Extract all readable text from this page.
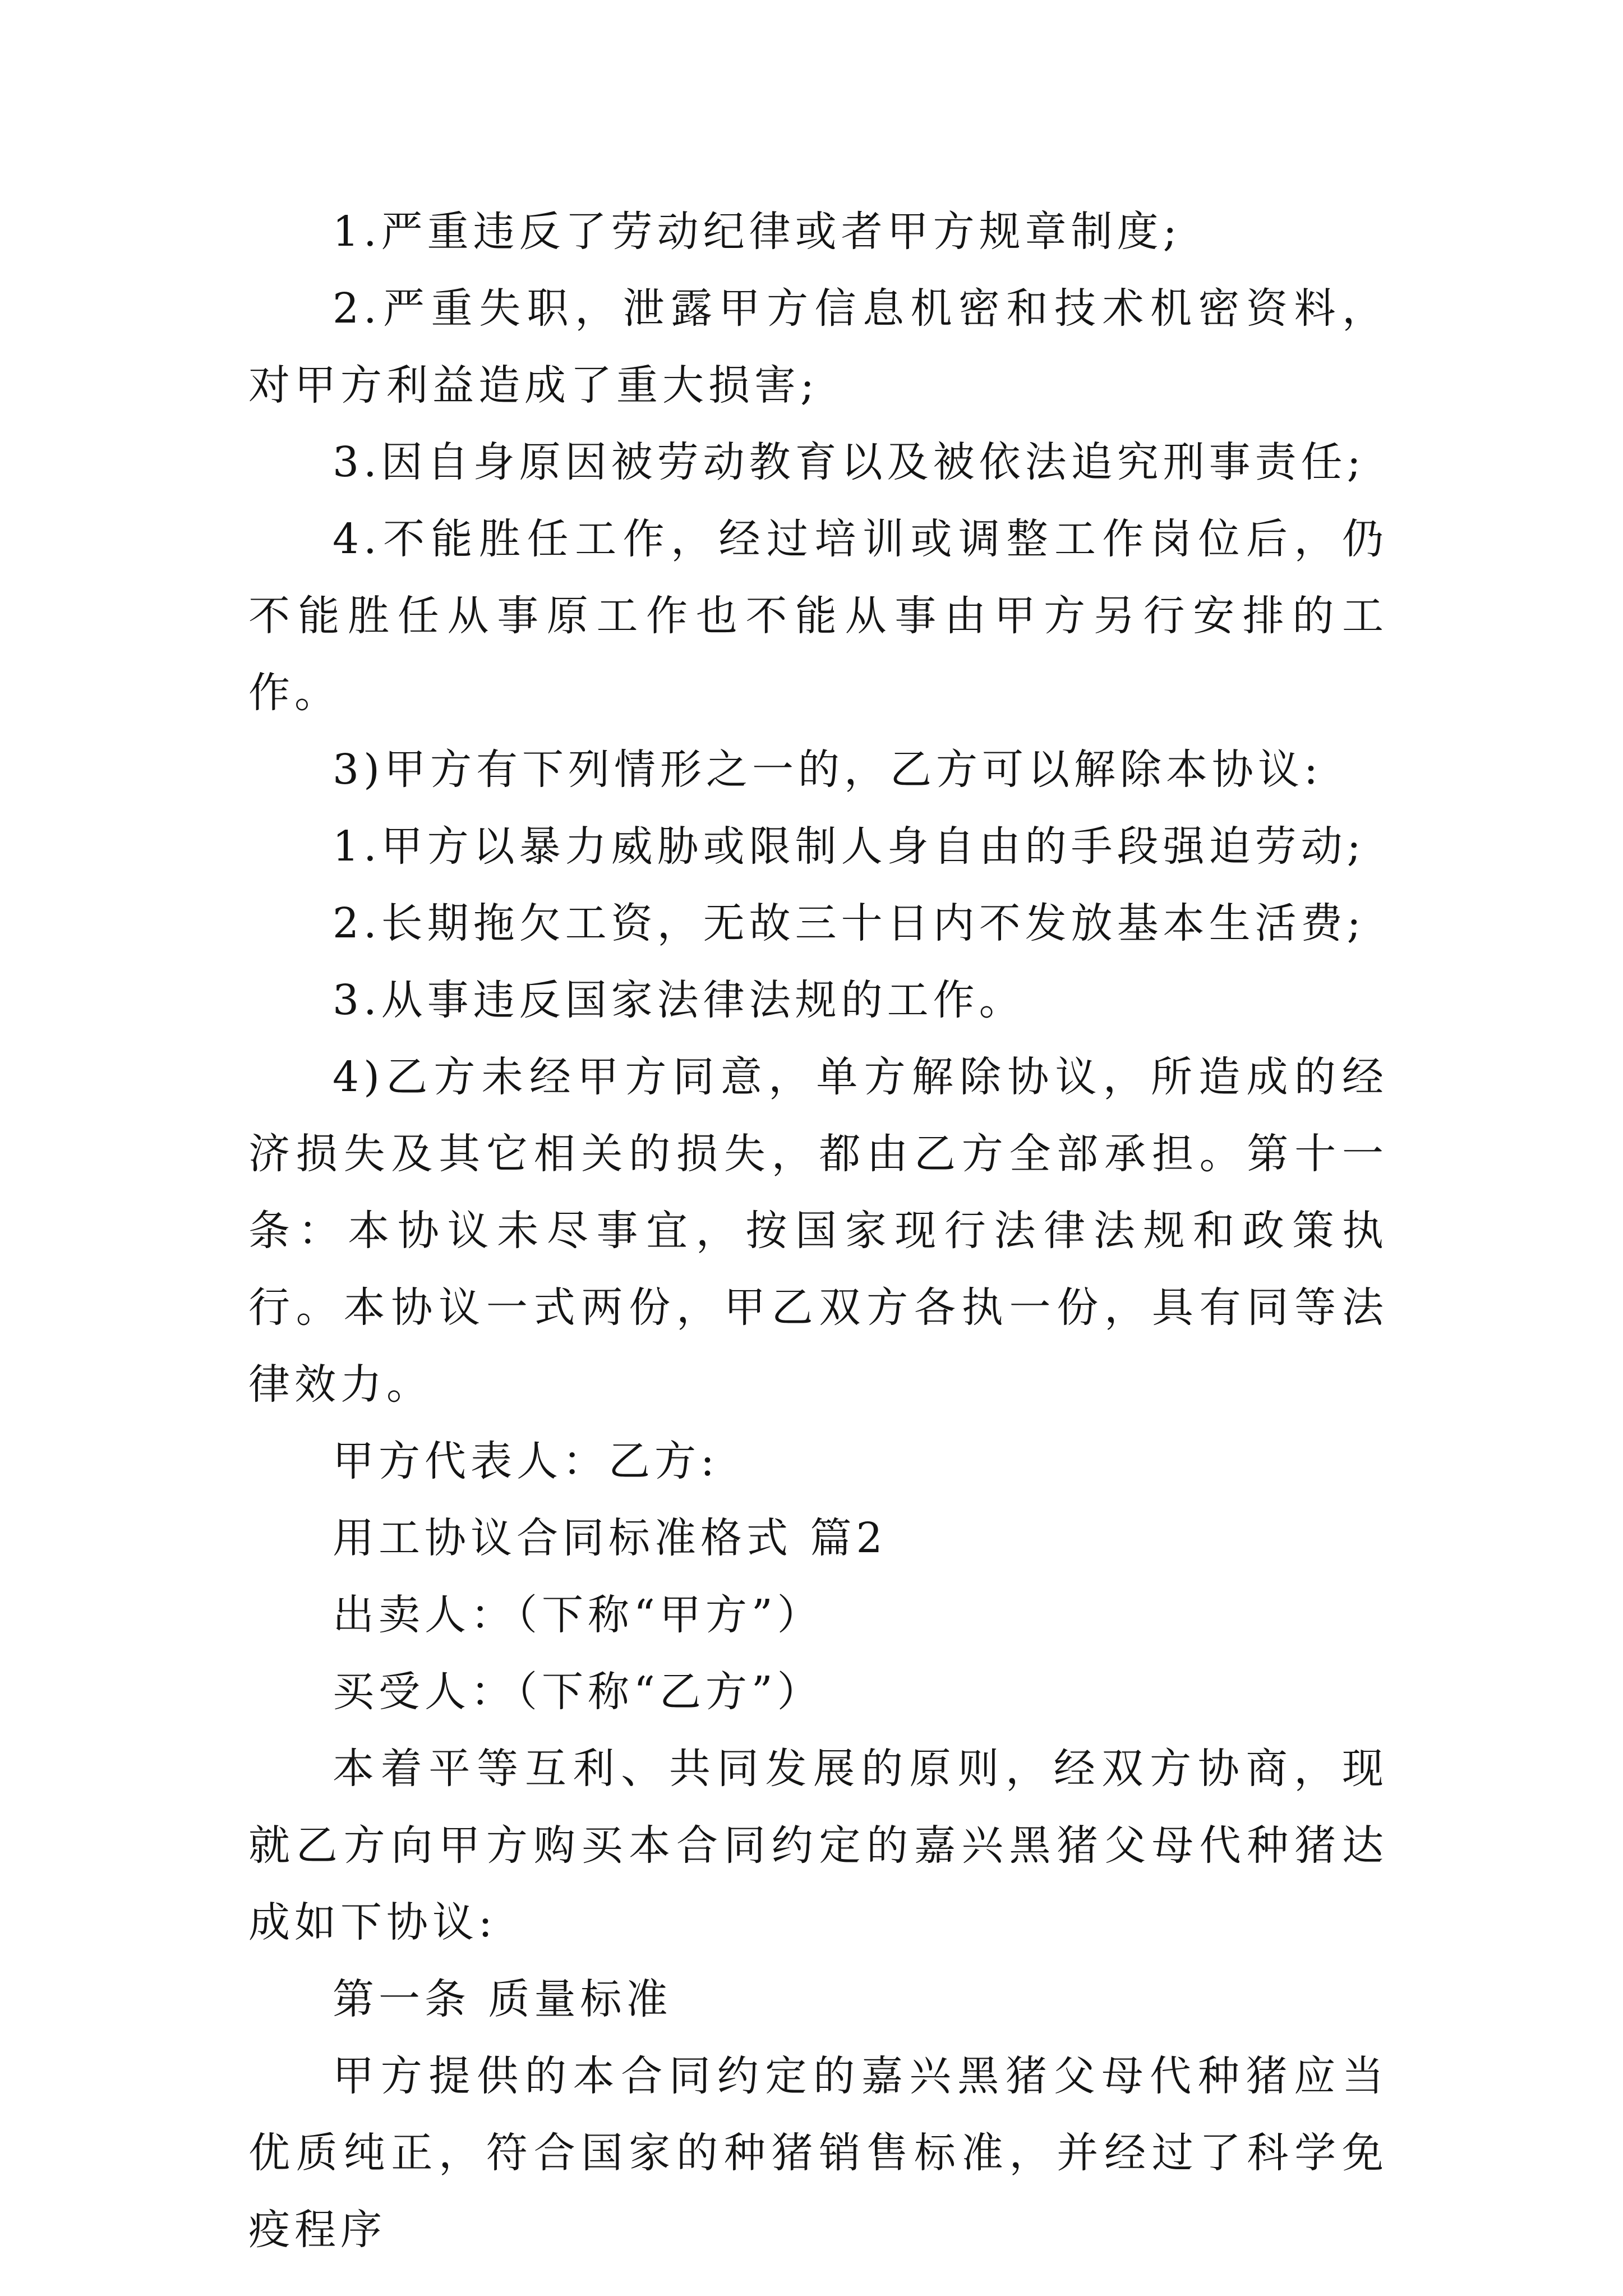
1.严重违反了劳动纪律或者甲方规章制度;

2.严重失职，泄露甲方信息机密和技术机密资料，对甲方利益造成了重大损害;

3.因自身原因被劳动教育以及被依法追究刑事责任;

4.不能胜任工作，经过培训或调整工作岗位后，仍不能胜任从事原工作也不能从事由甲方另行安排的工作。

3)甲方有下列情形之一的，乙方可以解除本协议:

1.甲方以暴力威胁或限制人身自由的手段强迫劳动;

2.长期拖欠工资，无故三十日内不发放基本生活费;

3.从事违反国家法律法规的工作。

4)乙方未经甲方同意，单方解除协议，所造成的经济损失及其它相关的损失，都由乙方全部承担。第十一条：本协议未尽事宜，按国家现行法律法规和政策执行。本协议一式两份，甲乙双方各执一份，具有同等法律效力。

甲方代表人：乙方:

用工协议合同标准格式 篇2

出卖人：（下称“甲方”）

买受人：（下称“乙方”）

本着平等互利、共同发展的原则，经双方协商，现就乙方向甲方购买本合同约定的嘉兴黑猪父母代种猪达成如下协议:

第一条 质量标准

甲方提供的本合同约定的嘉兴黑猪父母代种猪应当优质纯正，符合国家的种猪销售标准，并经过了科学免疫程序
